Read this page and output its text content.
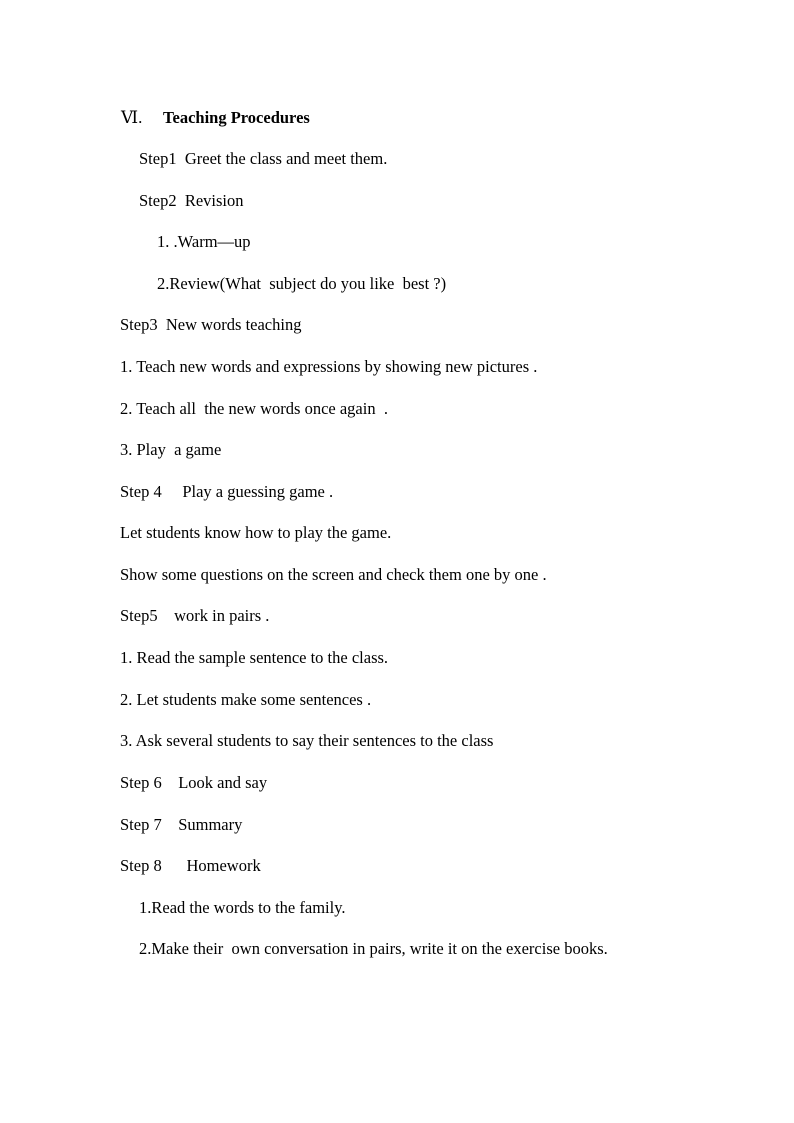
Ⅵ. Teaching Procedures
Step1  Greet the class and meet them.
Step2  Revision
1. .Warm—up
2.Review(What  subject do you like  best ?)
Step3  New words teaching
1. Teach new words and expressions by showing new pictures .
2. Teach all  the new words once again  .
3. Play  a game
Step 4     Play a guessing game .
Let students know how to play the game.
Show some questions on the screen and check them one by one .
Step5    work in pairs .
1. Read the sample sentence to the class.
2. Let students make some sentences .
3. Ask several students to say their sentences to the class
Step 6    Look and say
Step 7    Summary
Step 8      Homework
1.Read the words to the family.
2.Make their  own conversation in pairs, write it on the exercise books.
